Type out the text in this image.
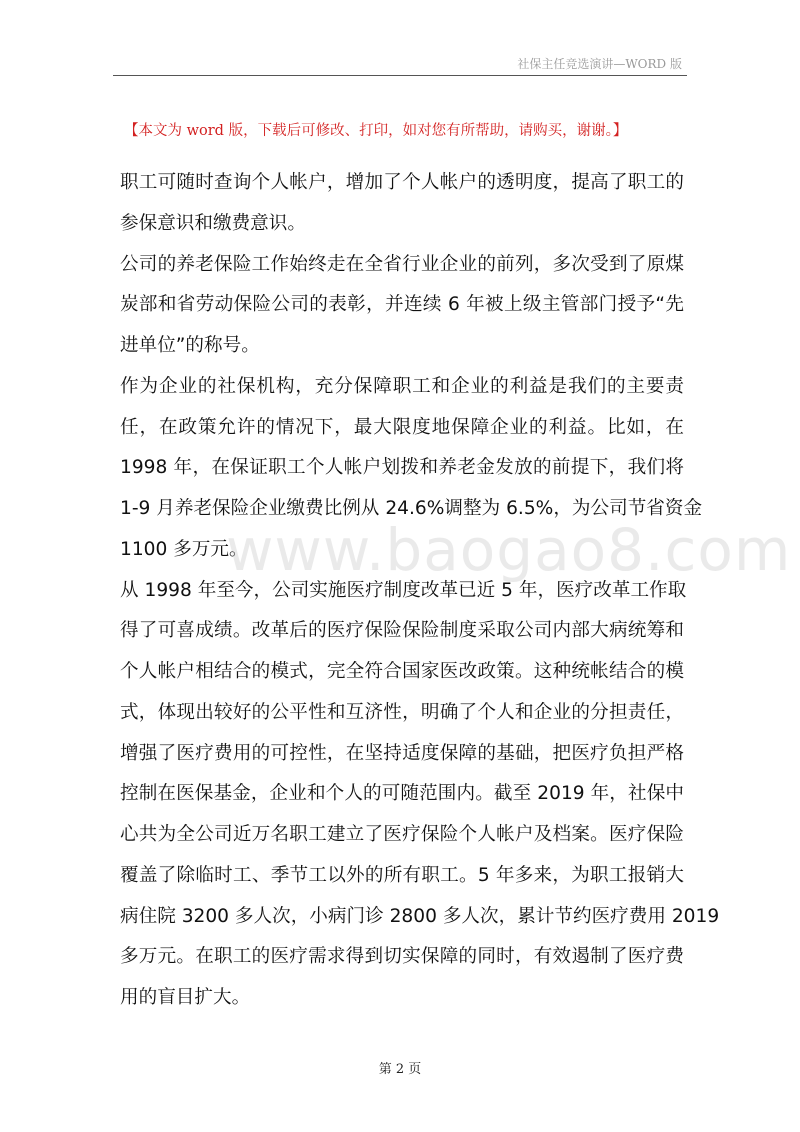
社保主任竞选演讲—WORD 版
【本文为 word 版，下载后可修改、打印，如对您有所帮助，请购买，谢谢。】
职工可随时查询个人帐户，增加了个人帐户的透明度，提高了职工的
参保意识和缴费意识。
公司的养老保险工作始终走在全省行业企业的前列，多次受到了原煤
炭部和省劳动保险公司的表彰，并连续 6 年被上级主管部门授予“先
进单位”的称号。
作为企业的社保机构，充分保障职工和企业的利益是我们的主要责
任，在政策允许的情况下，最大限度地保障企业的利益。比如，在
1998 年，在保证职工个人帐户划拨和养老金发放的前提下，我们将
1-9 月养老保险企业缴费比例从 24.6%调整为 6.5%，为公司节省资金
1100 多万元。
从 1998 年至今，公司实施医疗制度改革已近 5 年，医疗改革工作取
得了可喜成绩。改革后的医疗保险保险制度采取公司内部大病统筹和
个人帐户相结合的模式，完全符合国家医改政策。这种统帐结合的模
式，体现出较好的公平性和互济性，明确了个人和企业的分担责任，
增强了医疗费用的可控性，在坚持适度保障的基础，把医疗负担严格
控制在医保基金，企业和个人的可随范围内。截至 2019 年，社保中
心共为全公司近万名职工建立了医疗保险个人帐户及档案。医疗保险
覆盖了除临时工、季节工以外的所有职工。5 年多来，为职工报销大
病住院 3200 多人次，小病门诊 2800 多人次，累计节约医疗费用 2019
多万元。在职工的医疗需求得到切实保障的同时，有效遏制了医疗费
用的盲目扩大。
www.baogao8.com
第 2 页
